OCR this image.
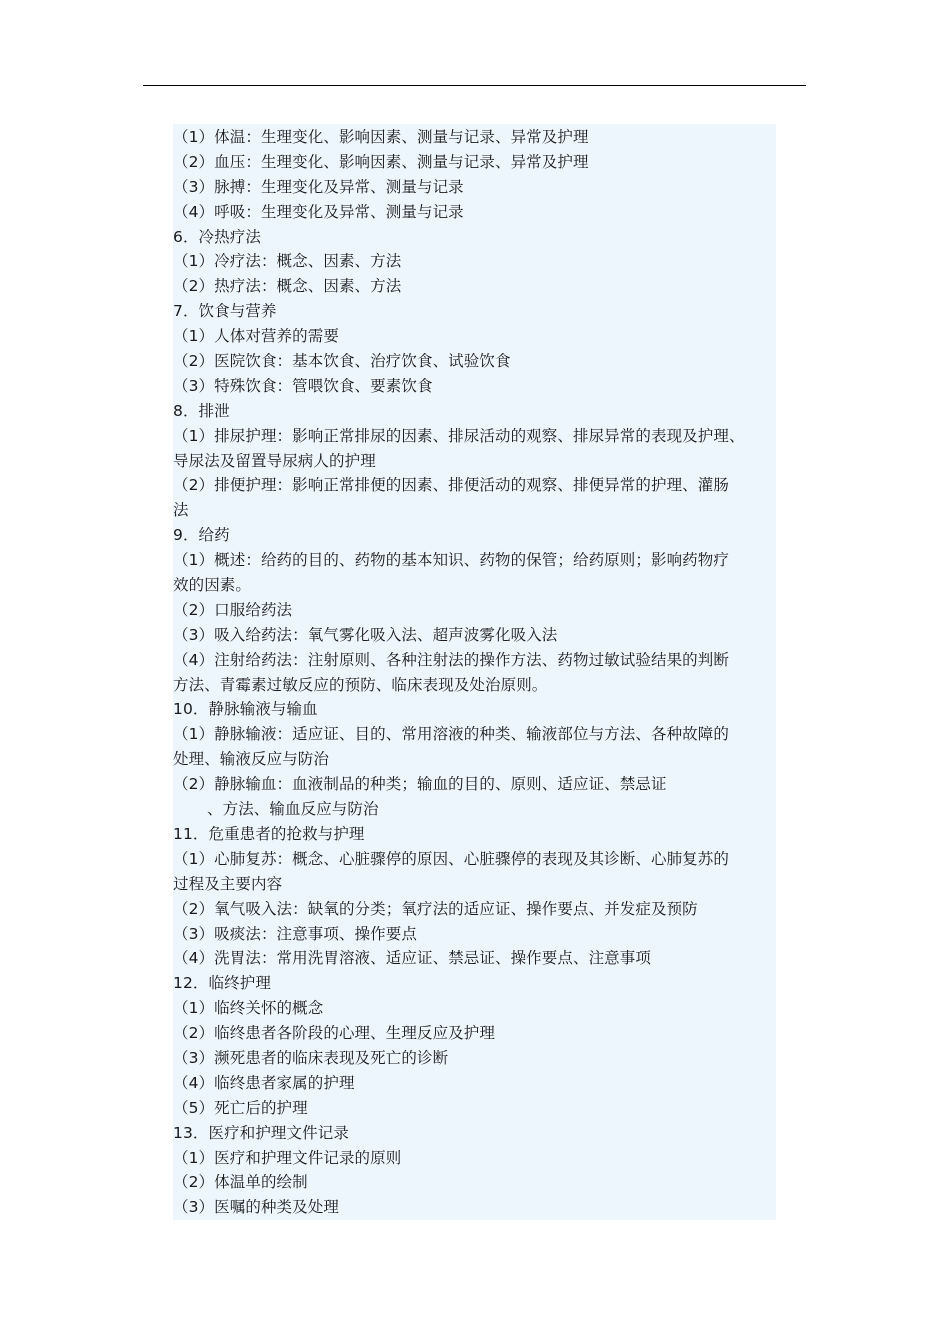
（1）体温：生理变化、影响因素、测量与记录、异常及护理
（2）血压：生理变化、影响因素、测量与记录、异常及护理
（3）脉搏：生理变化及异常、测量与记录
（4）呼吸：生理变化及异常、测量与记录
6．冷热疗法
（1）冷疗法：概念、因素、方法
（2）热疗法：概念、因素、方法
7．饮食与营养
（1）人体对营养的需要
（2）医院饮食：基本饮食、治疗饮食、试验饮食
（3）特殊饮食：管喂饮食、要素饮食
8．排泄
（1）排尿护理：影响正常排尿的因素、排尿活动的观察、排尿异常的表现及护理、
导尿法及留置导尿病人的护理
（2）排便护理：影响正常排便的因素、排便活动的观察、排便异常的护理、灌肠
法
9．给药
（1）概述：给药的目的、药物的基本知识、药物的保管；给药原则；影响药物疗
效的因素。
（2）口服给药法
（3）吸入给药法：氧气雾化吸入法、超声波雾化吸入法
（4）注射给药法：注射原则、各种注射法的操作方法、药物过敏试验结果的判断
方法、青霉素过敏反应的预防、临床表现及处治原则。
10．静脉输液与输血
（1）静脉输液：适应证、目的、常用溶液的种类、输液部位与方法、各种故障的
处理、输液反应与防治
（2）静脉输血：血液制品的种类；输血的目的、原则、适应证、禁忌证
、方法、输血反应与防治
11．危重患者的抢救与护理
（1）心肺复苏：概念、心脏骤停的原因、心脏骤停的表现及其诊断、心肺复苏的
过程及主要内容
（2）氧气吸入法：缺氧的分类；氧疗法的适应证、操作要点、并发症及预防
（3）吸痰法：注意事项、操作要点
（4）洗胃法：常用洗胃溶液、适应证、禁忌证、操作要点、注意事项
12．临终护理
（1）临终关怀的概念
（2）临终患者各阶段的心理、生理反应及护理
（3）濒死患者的临床表现及死亡的诊断
（4）临终患者家属的护理
（5）死亡后的护理
13．医疗和护理文件记录
（1）医疗和护理文件记录的原则
（2）体温单的绘制
（3）医嘱的种类及处理
